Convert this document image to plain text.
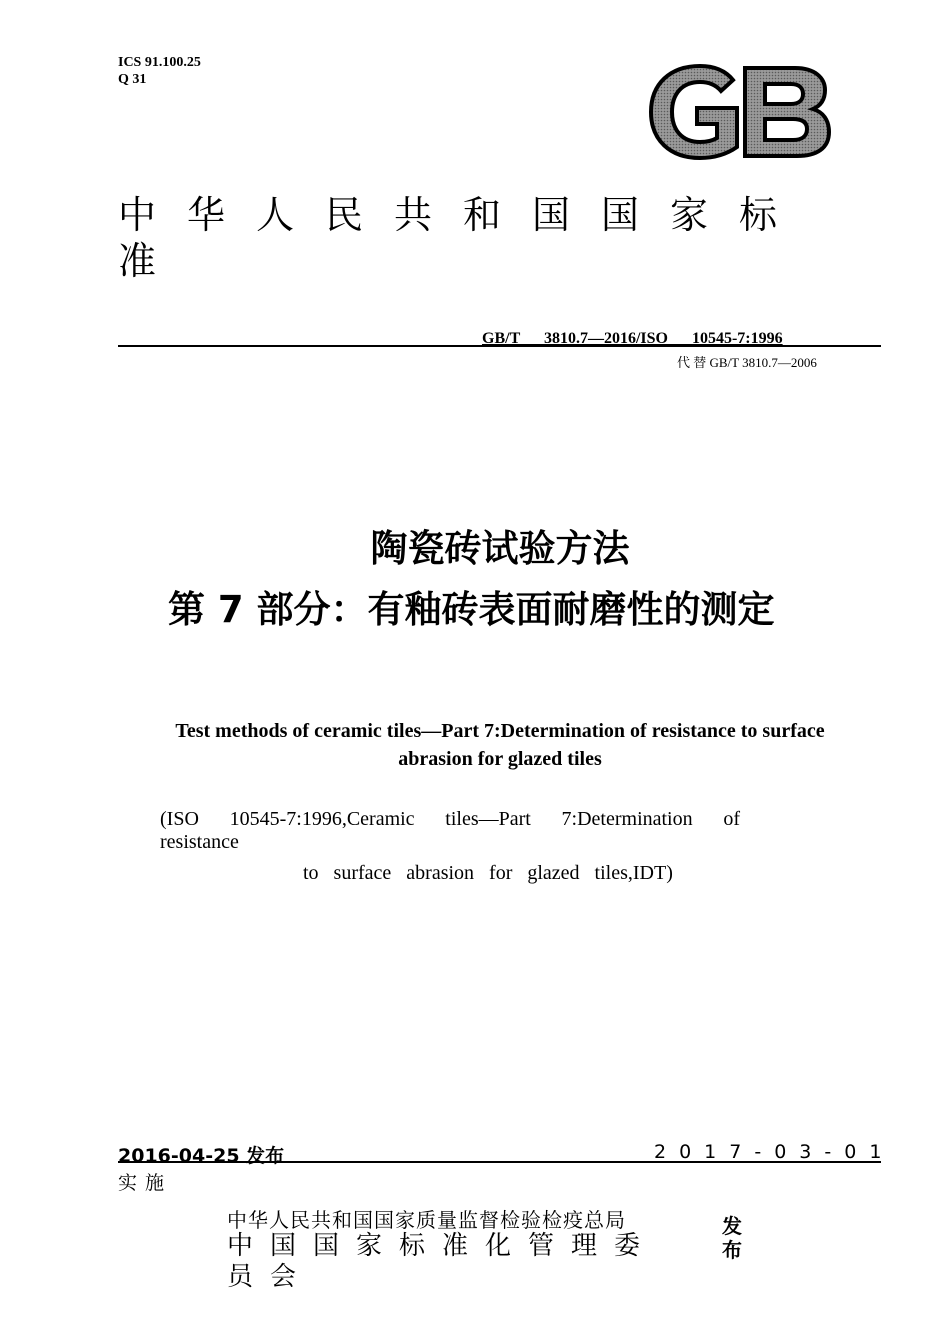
ICS 91.100.25
Q 31
中华人民共和国国家标准
GB/T 3810.7—2016/ISO 10545-7:1996
代 替 GB/T 3810.7—2006
陶瓷砖试验方法
第 7 部分：有釉砖表面耐磨性的测定
Test methods of ceramic tiles—Part 7:Determination of resistance to surface abrasion for glazed tiles
(ISO 10545-7:1996,Ceramic tiles—Part 7:Determination of
resistance
to surface abrasion for glazed tiles,IDT)
2016-04-25 发布	2017-03-01
实施
中华人民共和国国家质量监督检验检疫总局
中国国家标准化管理委员会
发布
